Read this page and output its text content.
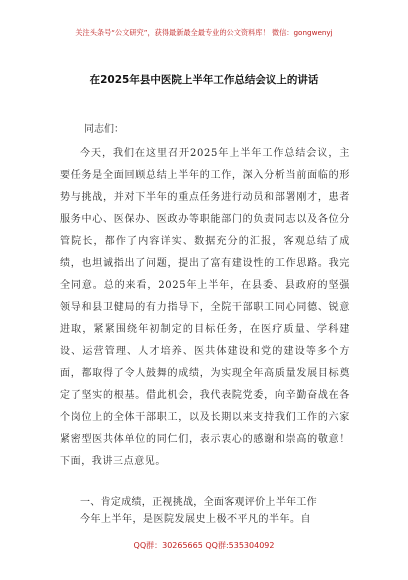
关注头条号“公文研究”，获得最新最全最专业的公文资料库！ 微信：gongwenyj
在2025年县中医院上半年工作总结会议上的讲话
同志们：

今天，我们在这里召开2025年上半年工作总结会议，主要任务是全面回顾总结上半年的工作，深入分析当前面临的形势与挑战，并对下半年的重点任务进行动员和部署刚才，患者服务中心、医保办、医政办等职能部门的负责同志以及各位分管院长，都作了内容详实、数据充分的汇报，客观总结了成绩，也坦诚指出了问题，提出了富有建设性的工作思路。我完全同意。总的来看，2025年上半年，在县委、县政府的坚强领导和县卫健局的有力指导下，全院干部职工同心同德、锐意进取，紧紧围绕年初制定的目标任务，在医疗质量、学科建设、运营管理、人才培养、医共体建设和党的建设等多个方面，都取得了令人鼓舞的成绩，为实现全年高质量发展目标奠定了坚实的根基。借此机会，我代表院党委，向辛勤奋战在各个岗位上的全体干部职工，以及长期以来支持我们工作的六家紧密型医共体单位的同仁们，表示衷心的感谢和崇高的敬意！下面，我讲三点意见。

一、肯定成绩，正视挑战，全面客观评价上半年工作
今年上半年，是医院发展史上极不平凡的半年。自
QQ群：30265665 QQ群:535304092
